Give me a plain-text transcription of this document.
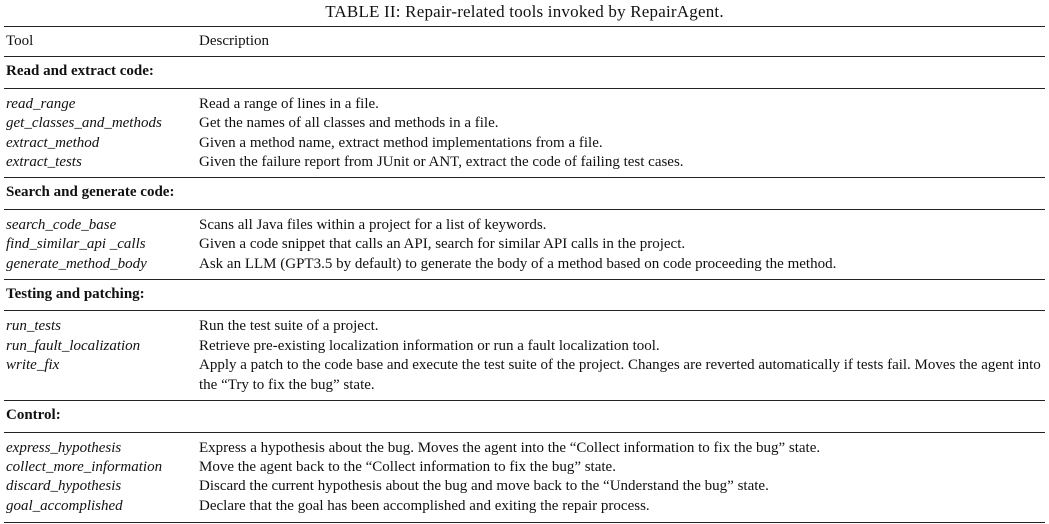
TABLE II: Repair-related tools invoked by RepairAgent.

Tool	Description
Read and extract code:	
read_range	Read a range of lines in a file.
get_classes_and_methods	Get the names of all classes and methods in a file.
extract_method	Given a method name, extract method implementations from a file.
extract_tests	Given the failure report from JUnit or ANT, extract the code of failing test cases.
Search and generate code:	
search_code_base	Scans all Java files within a project for a list of keywords.
find_similar_api _calls	Given a code snippet that calls an API, search for similar API calls in the project.
generate_method_body	Ask an LLM (GPT3.5 by default) to generate the body of a method based on code proceeding the method.
Testing and patching:	
run_tests	Run the test suite of a project.
run_fault_localization	Retrieve pre-existing localization information or run a fault localization tool.
write_fix	Apply a patch to the code base and execute the test suite of the project. Changes are reverted automatically if tests fail. Moves the agent into the “Try to fix the bug” state.
Control:	
express_hypothesis	Express a hypothesis about the bug. Moves the agent into the “Collect information to fix the bug” state.
collect_more_information	Move the agent back to the “Collect information to fix the bug” state.
discard_hypothesis	Discard the current hypothesis about the bug and move back to the “Understand the bug” state.
goal_accomplished	Declare that the goal has been accomplished and exiting the repair process.
